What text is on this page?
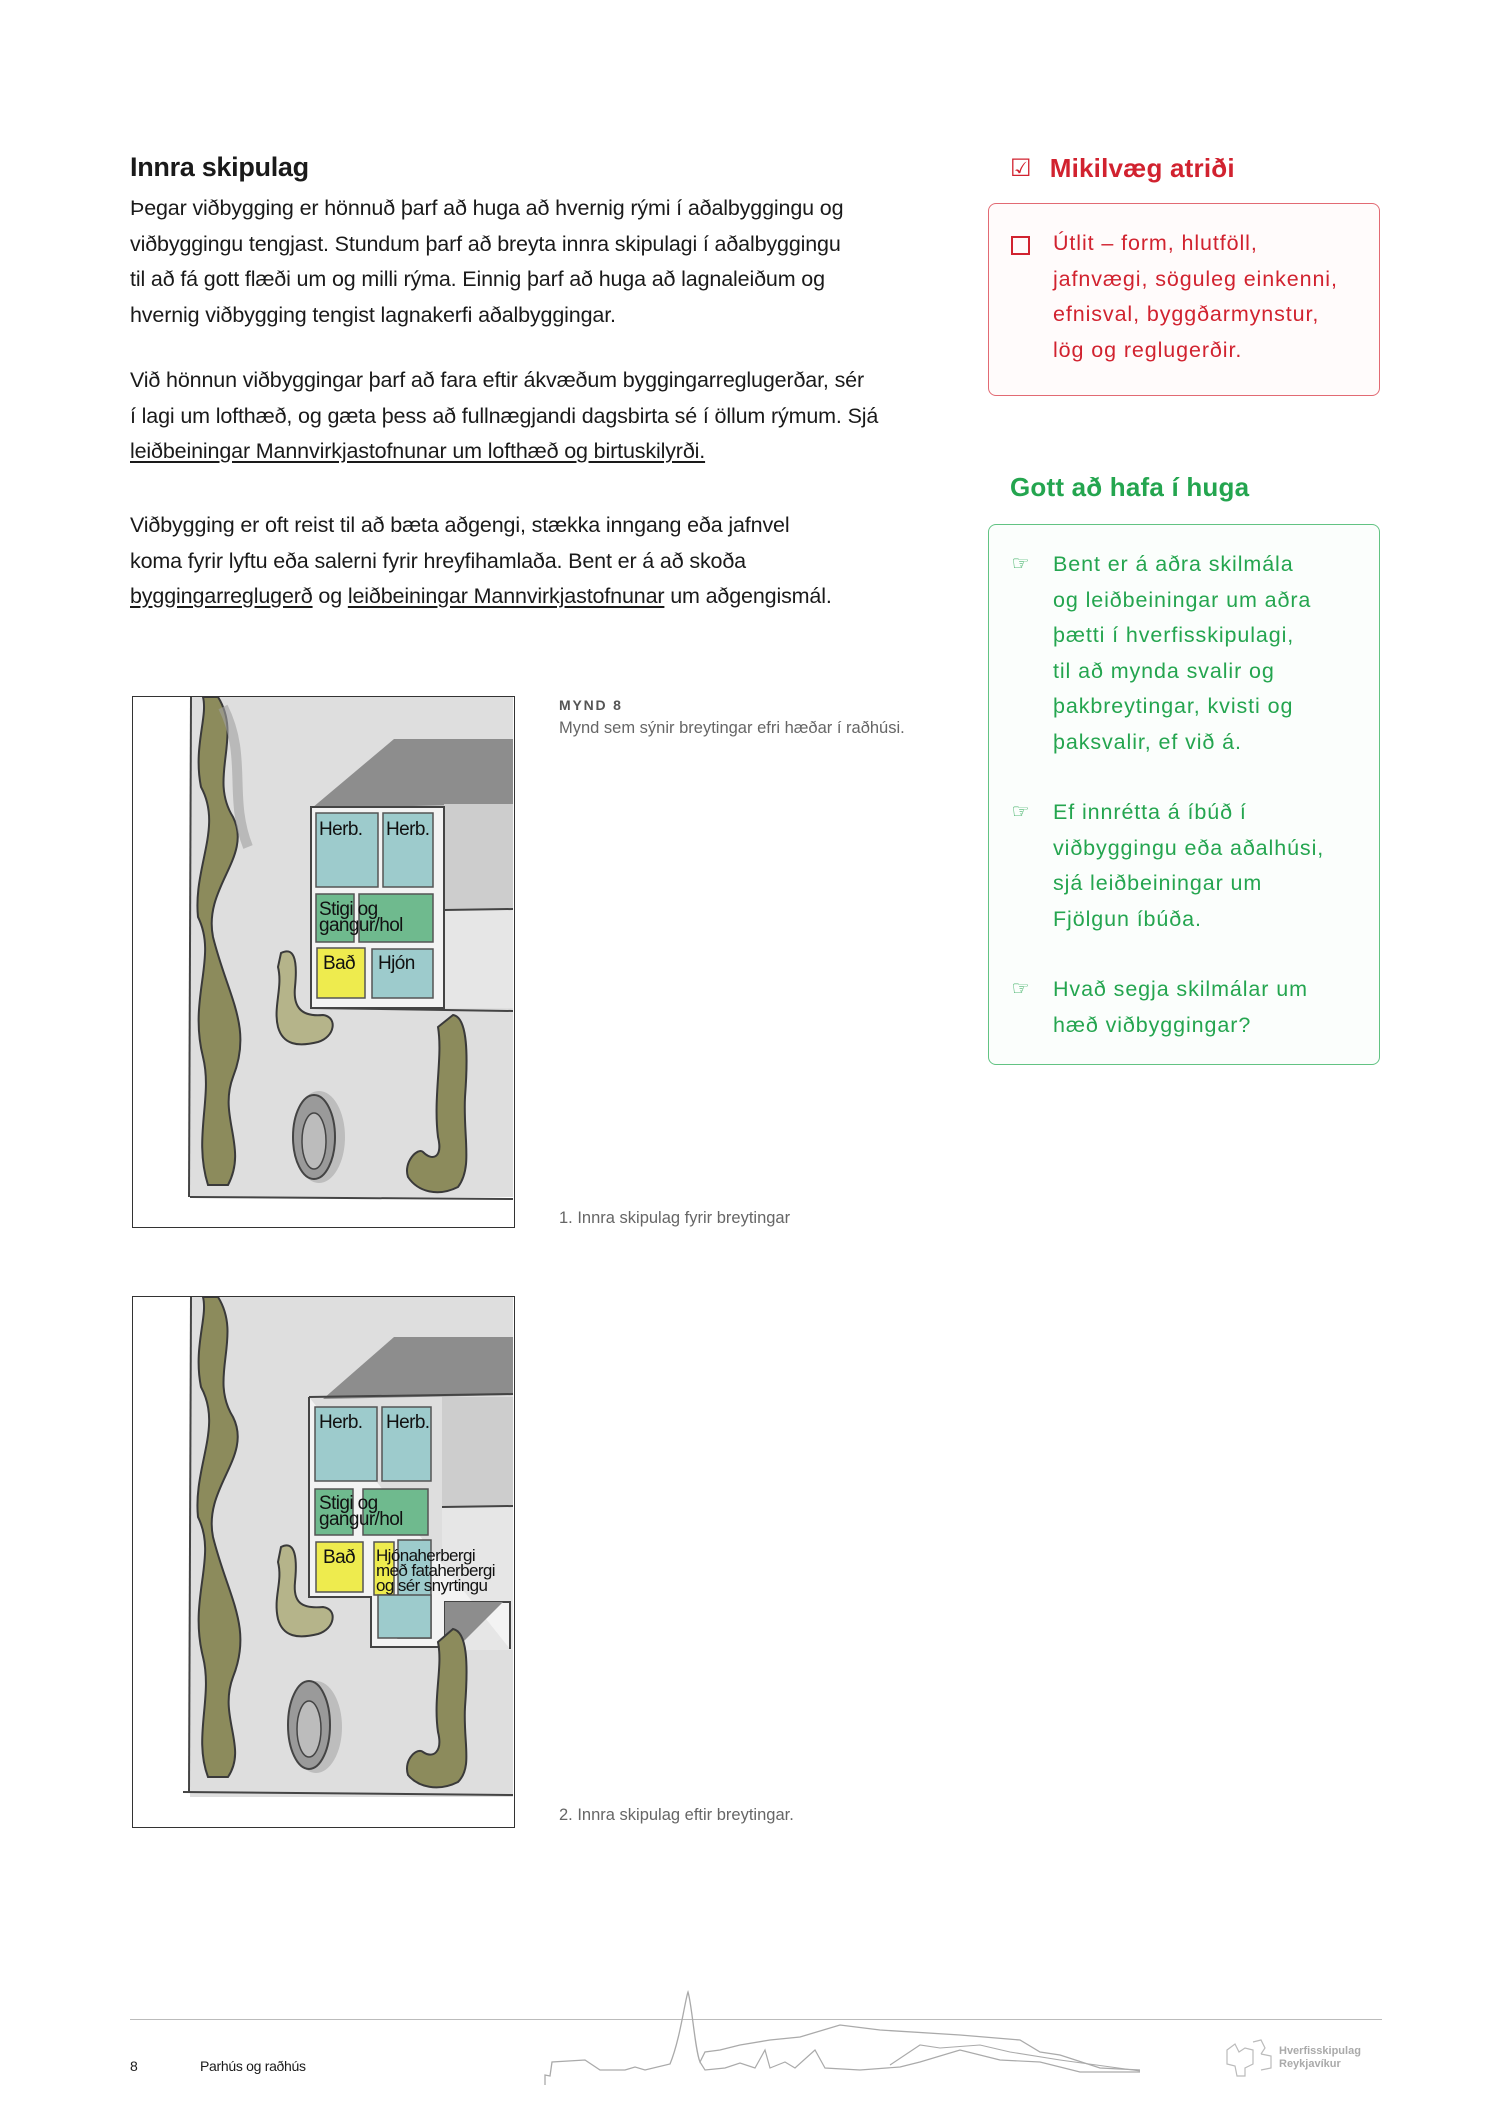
Innra skipulag
Þegar viðbygging er hönnuð þarf að huga að hvernig rými í aðalbyggingu og
viðbyggingu tengjast. Stundum þarf að breyta innra skipulagi í aðalbyggingu
til að fá gott flæði um og milli rýma. Einnig þarf að huga að lagnaleiðum og
hvernig viðbygging tengist lagnakerfi aðalbyggingar.
Við hönnun viðbyggingar þarf að fara eftir ákvæðum byggingarreglugerðar, sér
í lagi um lofthæð, og gæta þess að fullnægjandi dagsbirta sé í öllum rýmum. Sjá
leiðbeiningar Mannvirkjastofnunar um lofthæð og birtuskilyrði.
Viðbygging er oft reist til að bæta aðgengi, stækka inngang eða jafnvel
koma fyrir lyftu eða salerni fyrir hreyfihamlaða. Bent er á að skoða
byggingarreglugerð og leiðbeiningar Mannvirkjastofnunar um aðgengismál.
☑ Mikilvæg atriði
Útlit – form, hlutföll,
jafnvægi, söguleg einkenni,
efnisval, byggðarmynstur,
lög og reglugerðir.
Gott að hafa í huga
☞	Bent er á aðra skilmála
og leiðbeiningar um aðra
þætti í hverfisskipulagi,
til að mynda svalir og
þakbreytingar, kvisti og
þaksvalir, ef við á.
☞	Ef innrétta á íbúð í
viðbyggingu eða aðalhúsi,
sjá leiðbeiningar um
Fjölgun íbúða.
☞	Hvað segja skilmálar um
hæð viðbyggingar?
MYND 8
Mynd sem sýnir breytingar efri hæðar í raðhúsi.
1. Innra skipulag fyrir breytingar
2. Innra skipulag eftir breytingar.
Herb. Herb.
Stigi og
gangur/hol
Bað Hjón
Herb. Herb.
Stigi og
gangur/hol
Bað Hjónaherbergi
með fataherbergi
og sér snyrtingu
8	Parhús og raðhús
Hverfisskipulag
Reykjavíkur
